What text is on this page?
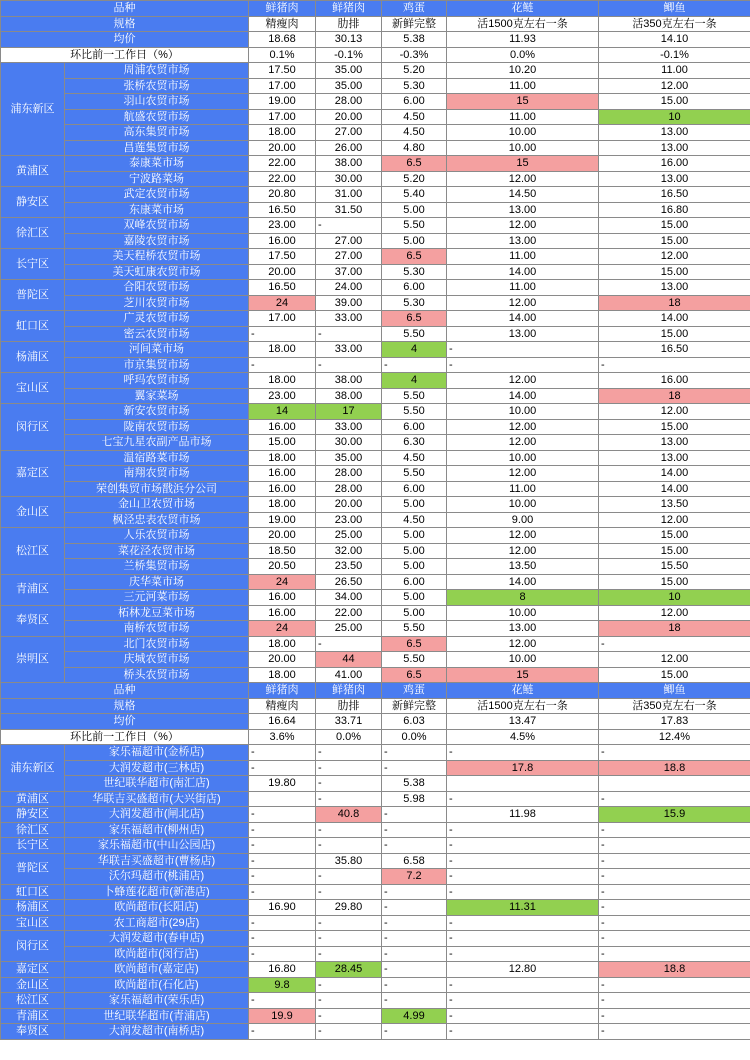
品种		鲜猪肉	鲜猪肉	鸡蛋	花鲢	鲫鱼
规格		精瘦肉	肋排	新鲜完整	活1500克左右一条	活350克左右一条
均价		18.68	30.13	5.38	11.93	14.10
环比前一工作日（%）		0.1%	-0.1%	-0.3%	0.0%	-0.1%
浦东新区	周浦农贸市场	17.50	35.00	5.20	10.20	11.00
	张桥农贸市场	17.00	35.00	5.30	11.00	12.00
	羽山农贸市场	19.00	28.00	6.00	15	15.00
	航盛农贸市场	17.00	20.00	4.50	11.00	10
	高东集贸市场	18.00	27.00	4.50	10.00	13.00
	昌莲集贸市场	20.00	26.00	4.80	10.00	13.00
黄浦区	泰康菜市场	22.00	38.00	6.5	15	16.00
	宁波路菜场	22.00	30.00	5.20	12.00	13.00
静安区	武定农贸市场	20.80	31.00	5.40	14.50	16.50
	东康菜市场	16.50	31.50	5.00	13.00	16.80
徐汇区	双峰农贸市场	23.00	-	5.50	12.00	15.00
	嘉陵农贸市场	16.00	27.00	5.00	13.00	15.00
长宁区	美天程桥农贸市场	17.50	27.00	6.5	11.00	12.00
	美天虹康农贸市场	20.00	37.00	5.30	14.00	15.00
普陀区	合阳农贸市场	16.50	24.00	6.00	11.00	13.00
	芝川农贸市场	24	39.00	5.30	12.00	18
虹口区	广灵农贸市场	17.00	33.00	6.5	14.00	14.00
	密云农贸市场	-	-	5.50	13.00	15.00
杨浦区	河间菜市场	18.00	33.00	4	-	16.50
	市京集贸市场	-	-	-	-	-
宝山区	呼玛农贸市场	18.00	38.00	4	12.00	16.00
	翼家菜场	23.00	38.00	5.50	14.00	18
闵行区	新安农贸市场	14	17	5.50	10.00	12.00
	陇南农贸市场	16.00	33.00	6.00	12.00	15.00
	七宝九星农副产品市场	15.00	30.00	6.30	12.00	13.00
嘉定区	温宿路菜市场	18.00	35.00	4.50	10.00	13.00
	南翔农贸市场	16.00	28.00	5.50	12.00	14.00
	荣创集贸市场戬浜分公司	16.00	28.00	6.00	11.00	14.00
金山区	金山卫农贸市场	18.00	20.00	5.00	10.00	13.50
	枫泾忠表农贸市场	19.00	23.00	4.50	9.00	12.00
松江区	人乐农贸市场	20.00	25.00	5.00	12.00	15.00
	菜花泾农贸市场	18.50	32.00	5.00	12.00	15.00
	兰桥集贸市场	20.50	23.50	5.00	13.50	15.50
青浦区	庆华菜市场	24	26.50	6.00	14.00	15.00
	三元河菜市场	16.00	34.00	5.00	8	10
奉贤区	柘林龙豆菜市场	16.00	22.00	5.00	10.00	12.00
	南桥农贸市场	24	25.00	5.50	13.00	18
崇明区	北门农贸市场	18.00	-	6.5	12.00	-
	庆城农贸市场	20.00	44	5.50	10.00	12.00
	桥头农贸市场	18.00	41.00	6.5	15	15.00
品种		鲜猪肉	鲜猪肉	鸡蛋	花鲢	鲫鱼
规格		精瘦肉	肋排	新鲜完整	活1500克左右一条	活350克左右一条
均价		16.64	33.71	6.03	13.47	17.83
环比前一工作日（%）		3.6%	0.0%	0.0%	4.5%	12.4%
浦东新区	家乐福超市(金桥店)	-	-	-	-	-
	大润发超市(三林店)	-	-	-	17.8	18.8
	世纪联华超市(南汇店)	19.80	-	5.38		
黄浦区	华联吉买盛超市(大兴街店)		-	5.98	-	-
静安区	大润发超市(闸北店)	-	40.8	-	11.98	15.9
徐汇区	家乐福超市(柳州店)	-	-	-	-	-
长宁区	家乐福超市(中山公园店)	-	-	-	-	-
普陀区	华联吉买盛超市(曹杨店)	-	35.80	6.58	-	-
	沃尔玛超市(桃浦店)	-	-	7.2	-	-
虹口区	卜蜂莲花超市(新港店)	-	-	-	-	-
杨浦区	欧尚超市(长阳店)	16.90	29.80	-	11.31	-
宝山区	农工商超市(29店)	-	-	-	-	-
闵行区	大润发超市(春申店)	-	-	-	-	-
	欧尚超市(闵行店)	-	-	-	-	-
嘉定区	欧尚超市(嘉定店)	16.80	28.45	-	12.80	18.8
金山区	欧尚超市(石化店)	9.8	-	-	-	-
松江区	家乐福超市(荣乐店)	-	-	-	-	-
青浦区	世纪联华超市(青浦店)	19.9	-	4.99	-	-
奉贤区	大润发超市(南桥店)	-	-	-	-	-
